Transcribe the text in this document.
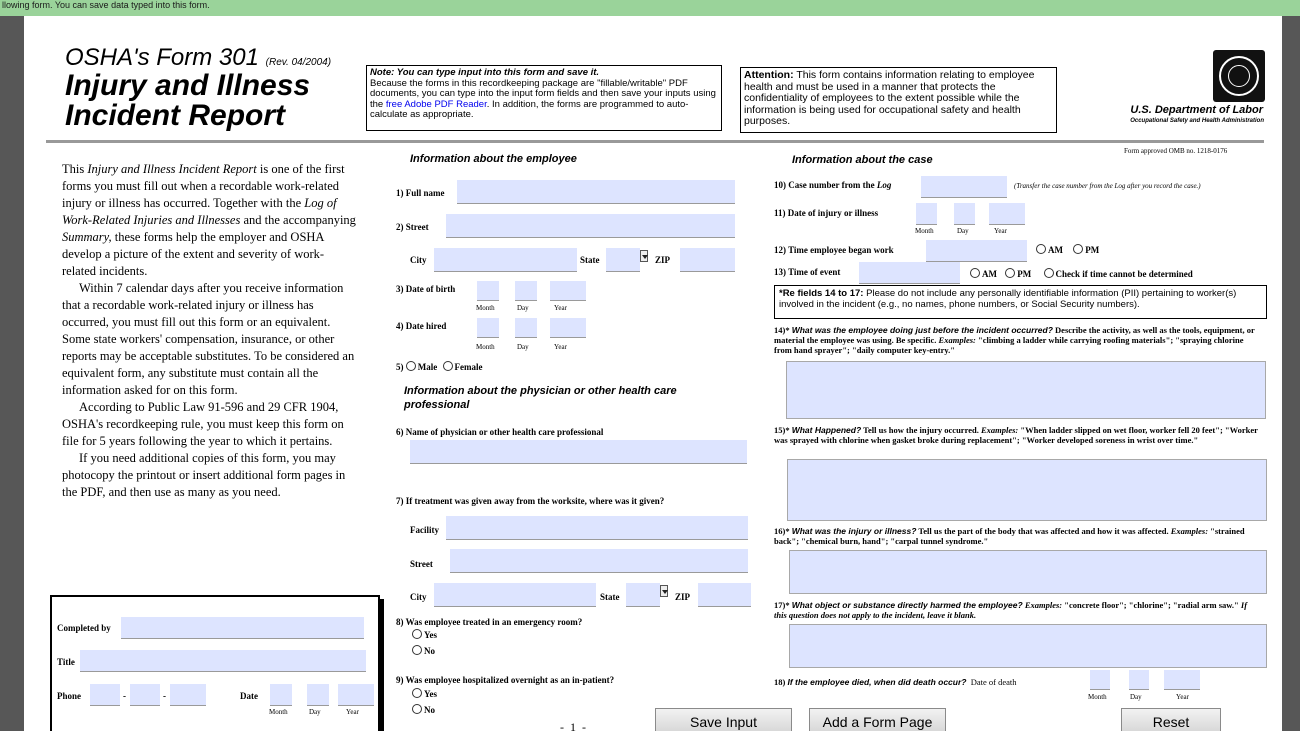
llowing form. You can save data typed into this form.
OSHA's Form 301 (Rev. 04/2004)
Injury and Illness
Incident Report
Note: You can type input into this form and save it.
Because the forms in this recordkeeping package are "fillable/writable" PDF documents, you can type into the input form fields and then save your inputs using the free Adobe PDF Reader. In addition, the forms are programmed to auto-calculate as appropriate.
Attention: This form contains information relating to employee health and must be used in a manner that protects the confidentiality of employees to the extent possible while the information is being used for occupational safety and health purposes.
U.S. Department of Labor
Occupational Safety and Health Administration
This Injury and Illness Incident Report is one of the first forms you must fill out when a recordable work-related injury or illness has occurred. Together with the Log of Work-Related Injuries and Illnesses and the accompanying Summary, these forms help the employer and OSHA develop a picture of the extent and severity of work-related incidents.
Within 7 calendar days after you receive information that a recordable work-related injury or illness has occurred, you must fill out this form or an equivalent. Some state workers' compensation, insurance, or other reports may be acceptable substitutes. To be considered an equivalent form, any substitute must contain all the information asked for on this form.
According to Public Law 91-596 and 29 CFR 1904, OSHA's recordkeeping rule, you must keep this form on file for 5 years following the year to which it pertains.
If you need additional copies of this form, you may photocopy the printout or insert additional form pages in the PDF, and then use as many as you need.
Completed by
Title
Phone	-	-	Date
Month	Day	Year
Information about the employee
1) Full name
2) Street
City	State	ZIP
3) Date of birth
Month	Day	Year
4) Date hired
Month	Day	Year
5) Male Female
Information about the physician or other health care
professional
6) Name of physician or other health care professional
7) If treatment was given away from the worksite, where was it given?
Facility
Street
City	State	ZIP
8) Was employee treated in an emergency room?
Yes
No
9) Was employee hospitalized overnight as an in-patient?
Yes
No
Form approved OMB no. 1218-0176
Information about the case
10) Case number from the Log	(Transfer the case number from the Log after you record the case.)
11) Date of injury or illness
Month	Day	Year
12) Time employee began work	AM PM
13) Time of event	AM PM	Check if time cannot be determined
*Re fields 14 to 17: Please do not include any personally identifiable information (PII) pertaining to worker(s) involved in the incident (e.g., no names, phone numbers, or Social Security numbers).
14)* What was the employee doing just before the incident occurred? Describe the activity, as well as the tools, equipment, or material the employee was using. Be specific. Examples: "climbing a ladder while carrying roofing materials"; "spraying chlorine from hand sprayer"; "daily computer key-entry."
15)* What Happened? Tell us how the injury occurred. Examples: "When ladder slipped on wet floor, worker fell 20 feet"; "Worker was sprayed with chlorine when gasket broke during replacement"; "Worker developed soreness in wrist over time."
16)* What was the injury or illness? Tell us the part of the body that was affected and how it was affected. Examples: "strained back"; "chemical burn, hand"; "carpal tunnel syndrome."
17)* What object or substance directly harmed the employee? Examples: "concrete floor"; "chlorine"; "radial arm saw." If this question does not apply to the incident, leave it blank.
18) If the employee died, when did death occur? Date of death
Month	Day	Year
-  1  -	Save Input	Add a Form Page	Reset
